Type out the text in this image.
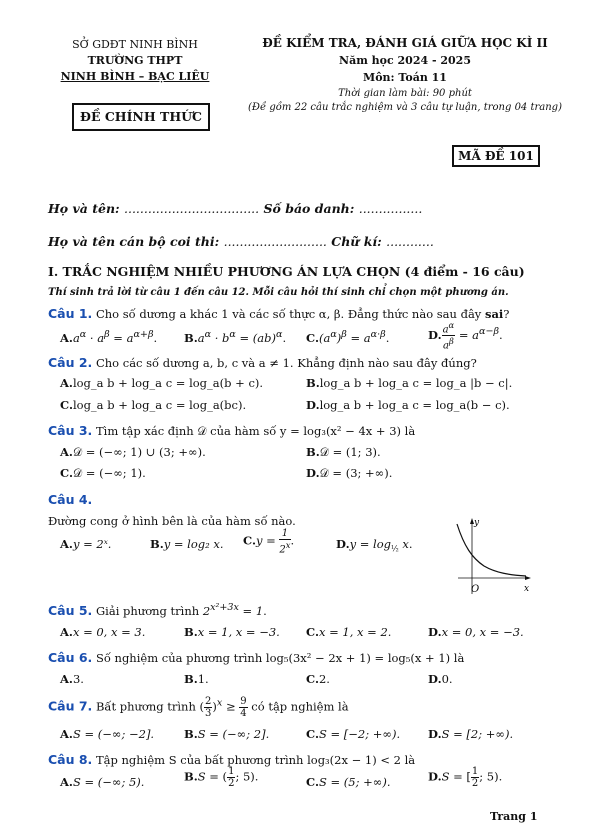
SỞ GDĐT NINH BÌNH
TRƯỜNG THPT
NINH BÌNH – BẠC LIÊU
ĐỀ CHÍNH THỨC
ĐỀ KIỂM TRA, ĐÁNH GIÁ GIỮA HỌC KÌ II
Năm học 2024 - 2025
Môn: Toán 11
Thời gian làm bài: 90 phút
(Đề gồm 22 câu trắc nghiệm và 3 câu tự luận, trong 04 trang)
MÃ ĐỀ 101
Họ và tên: .................................. Số báo danh: ................
Họ và tên cán bộ coi thi: .......................... Chữ kí: ............
I. TRẮC NGHIỆM NHIỀU PHƯƠNG ÁN LỰA CHỌN (4 điểm - 16 câu)
Thí sinh trả lời từ câu 1 đến câu 12. Mỗi câu hỏi thí sinh chỉ chọn một phương án.
Câu 1. Cho số dương a khác 1 và các số thực α, β. Đẳng thức nào sau đây sai?
$A.a^\alpha \cdot a^\beta = a^{\alpha+\beta}$. $B.a^\alpha \cdot b^\alpha = (ab)^\alpha$. $C.(a^\alpha)^\beta = a^{\alpha\cdot\beta}$.	D. $\frac{a^\alpha}{a^\beta} = a^{\alpha-\beta}$.
Câu 2. Cho các số dương a, b, c và a ≠ 1. Khẳng định nào sau đây đúng?
A.log_a b + log_a c = log_a(b + c).	B.log_a b + log_a c = log_a |b − c|.
C.log_a b + log_a c = log_a(bc).	D.log_a b + log_a c = log_a(b − c).
Câu 3. Tìm tập xác định 𝒟 của hàm số y = log₃(x² − 4x + 3) là
A.𝒟 = (−∞; 1) ∪ (3; +∞).	B.𝒟 = (1; 3).
C.𝒟 = (−∞; 1).	D.𝒟 = (3; +∞).
Câu 4.
Đường cong ở hình bên là của hàm số nào.
A.y = 2ˣ.	B.y = log₂ x. $C.y = \frac{1}{2^x}$ .	$D.y = \log_{\frac{1}{2}} x$.
y
x
O
Câu 5. Giải phương trình $2^{x^2+3x} = 1$.
A.x = 0, x = 3.	B.x = 1, x = −3. C.x = 1, x = 2.	D.x = 0, x = −3.
Câu 6. Số nghiệm của phương trình log₅(3x² − 2x + 1) = log₅(x + 1) là
A.3.	B.1.	C.2.	D.0.
Câu 7. Bất phương trình ( $\frac{2}{3} )^x \ge \frac{9}{4}$ có tập nghiệm là
A.S = (−∞; −2].	B.S = (−∞; 2].	C.S = [−2; +∞). D.S = [2; +∞).
Câu 8. Tập nghiệm S của bất phương trình log₃(2x − 1) < 2 là
A.S = (−∞; 5).	B.S = ( $\frac{1}{2}$ ; 5).	C.S = (5; +∞).	D.S = [ $\frac{1}{2}$ ; 5).
Trang 1
